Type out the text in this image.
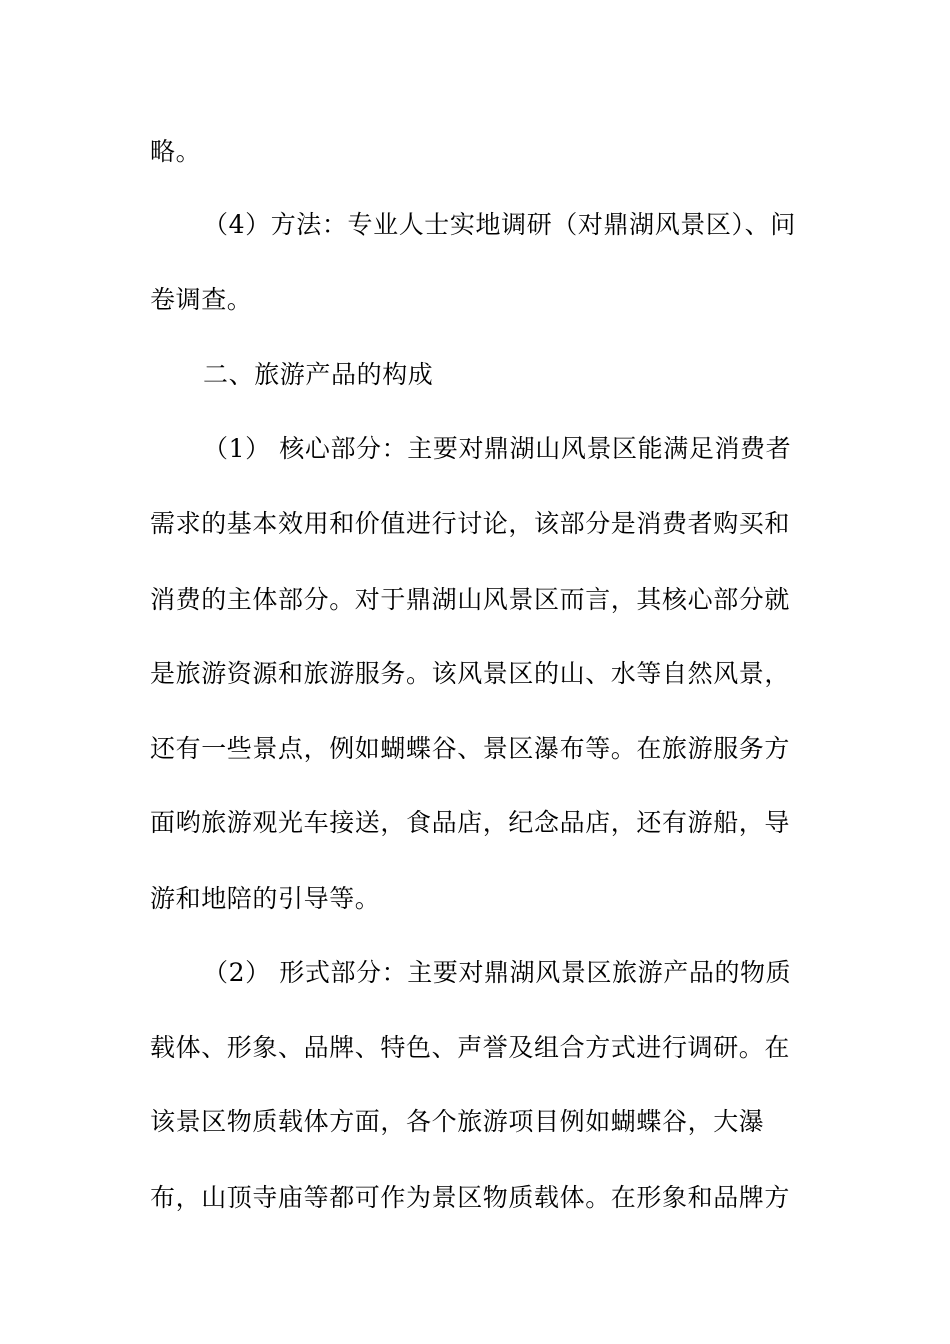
略。
（4）方法：专业人士实地调研（对鼎湖风景区）、问
卷调查。
二、旅游产品的构成
（1） 核心部分：主要对鼎湖山风景区能满足消费者
需求的基本效用和价值进行讨论，该部分是消费者购买和
消费的主体部分。对于鼎湖山风景区而言，其核心部分就
是旅游资源和旅游服务。该风景区的山、水等自然风景，
还有一些景点，例如蝴蝶谷、景区瀑布等。在旅游服务方
面哟旅游观光车接送，食品店，纪念品店，还有游船，导
游和地陪的引导等。
（2） 形式部分：主要对鼎湖风景区旅游产品的物质
载体、形象、品牌、特色、声誉及组合方式进行调研。在
该景区物质载体方面，各个旅游项目例如蝴蝶谷，大瀑
布，山顶寺庙等都可作为景区物质载体。在形象和品牌方
